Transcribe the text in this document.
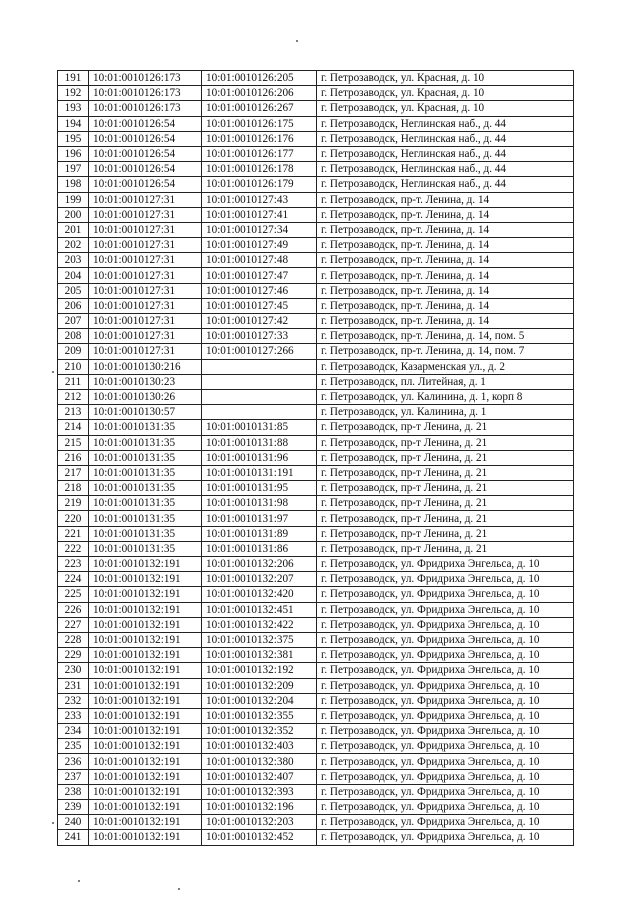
191	10:01:0010126:173	10:01:0010126:205	г. Петрозаводск, ул. Красная, д. 10
192	10:01:0010126:173	10:01:0010126:206	г. Петрозаводск, ул. Красная, д. 10
193	10:01:0010126:173	10:01:0010126:267	г. Петрозаводск, ул. Красная, д. 10
194	10:01:0010126:54	10:01:0010126:175	г. Петрозаводск, Неглинская наб., д. 44
195	10:01:0010126:54	10:01:0010126:176	г. Петрозаводск, Неглинская наб., д. 44
196	10:01:0010126:54	10:01:0010126:177	г. Петрозаводск, Неглинская наб., д. 44
197	10:01:0010126:54	10:01:0010126:178	г. Петрозаводск, Неглинская наб., д. 44
198	10:01:0010126:54	10:01:0010126:179	г. Петрозаводск, Неглинская наб., д. 44
199	10:01:0010127:31	10:01:0010127:43	г. Петрозаводск, пр-т. Ленина, д. 14
200	10:01:0010127:31	10:01:0010127:41	г. Петрозаводск, пр-т. Ленина, д. 14
201	10:01:0010127:31	10:01:0010127:34	г. Петрозаводск, пр-т. Ленина, д. 14
202	10:01:0010127:31	10:01:0010127:49	г. Петрозаводск, пр-т. Ленина, д. 14
203	10:01:0010127:31	10:01:0010127:48	г. Петрозаводск, пр-т. Ленина, д. 14
204	10:01:0010127:31	10:01:0010127:47	г. Петрозаводск, пр-т. Ленина, д. 14
205	10:01:0010127:31	10:01:0010127:46	г. Петрозаводск, пр-т. Ленина, д. 14
206	10:01:0010127:31	10:01:0010127:45	г. Петрозаводск, пр-т. Ленина, д. 14
207	10:01:0010127:31	10:01:0010127:42	г. Петрозаводск, пр-т. Ленина, д. 14
208	10:01:0010127:31	10:01:0010127:33	г. Петрозаводск, пр-т. Ленина, д. 14, пом. 5
209	10:01:0010127:31	10:01:0010127:266	г. Петрозаводск, пр-т. Ленина, д. 14, пом. 7
210	10:01:0010130:216		г. Петрозаводск, Казарменская ул., д. 2
211	10:01:0010130:23		г. Петрозаводск, пл. Литейная, д. 1
212	10:01:0010130:26		г. Петрозаводск, ул. Калинина, д. 1, корп 8
213	10:01:0010130:57		г. Петрозаводск, ул. Калинина, д. 1
214	10:01:0010131:35	10:01:0010131:85	г. Петрозаводск, пр-т Ленина, д. 21
215	10:01:0010131:35	10:01:0010131:88	г. Петрозаводск, пр-т Ленина, д. 21
216	10:01:0010131:35	10:01:0010131:96	г. Петрозаводск, пр-т Ленина, д. 21
217	10:01:0010131:35	10:01:0010131:191	г. Петрозаводск, пр-т Ленина, д. 21
218	10:01:0010131:35	10:01:0010131:95	г. Петрозаводск, пр-т Ленина, д. 21
219	10:01:0010131:35	10:01:0010131:98	г. Петрозаводск, пр-т Ленина, д. 21
220	10:01:0010131:35	10:01:0010131:97	г. Петрозаводск, пр-т Ленина, д. 21
221	10:01:0010131:35	10:01:0010131:89	г. Петрозаводск, пр-т Ленина, д. 21
222	10:01:0010131:35	10:01:0010131:86	г. Петрозаводск, пр-т Ленина, д. 21
223	10:01:0010132:191	10:01:0010132:206	г. Петрозаводск, ул. Фридриха Энгельса, д. 10
224	10:01:0010132:191	10:01:0010132:207	г. Петрозаводск, ул. Фридриха Энгельса, д. 10
225	10:01:0010132:191	10:01:0010132:420	г. Петрозаводск, ул. Фридриха Энгельса, д. 10
226	10:01:0010132:191	10:01:0010132:451	г. Петрозаводск, ул. Фридриха Энгельса, д. 10
227	10:01:0010132:191	10:01:0010132:422	г. Петрозаводск, ул. Фридриха Энгельса, д. 10
228	10:01:0010132:191	10:01:0010132:375	г. Петрозаводск, ул. Фридриха Энгельса, д. 10
229	10:01:0010132:191	10:01:0010132:381	г. Петрозаводск, ул. Фридриха Энгельса, д. 10
230	10:01:0010132:191	10:01:0010132:192	г. Петрозаводск, ул. Фридриха Энгельса, д. 10
231	10:01:0010132:191	10:01:0010132:209	г. Петрозаводск, ул. Фридриха Энгельса, д. 10
232	10:01:0010132:191	10:01:0010132:204	г. Петрозаводск, ул. Фридриха Энгельса, д. 10
233	10:01:0010132:191	10:01:0010132:355	г. Петрозаводск, ул. Фридриха Энгельса, д. 10
234	10:01:0010132:191	10:01:0010132:352	г. Петрозаводск, ул. Фридриха Энгельса, д. 10
235	10:01:0010132:191	10:01:0010132:403	г. Петрозаводск, ул. Фридриха Энгельса, д. 10
236	10:01:0010132:191	10:01:0010132:380	г. Петрозаводск, ул. Фридриха Энгельса, д. 10
237	10:01:0010132:191	10:01:0010132:407	г. Петрозаводск, ул. Фридриха Энгельса, д. 10
238	10:01:0010132:191	10:01:0010132:393	г. Петрозаводск, ул. Фридриха Энгельса, д. 10
239	10:01:0010132:191	10:01:0010132:196	г. Петрозаводск, ул. Фридриха Энгельса, д. 10
240	10:01:0010132:191	10:01:0010132:203	г. Петрозаводск, ул. Фридриха Энгельса, д. 10
241	10:01:0010132:191	10:01:0010132:452	г. Петрозаводск, ул. Фридриха Энгельса, д. 10
